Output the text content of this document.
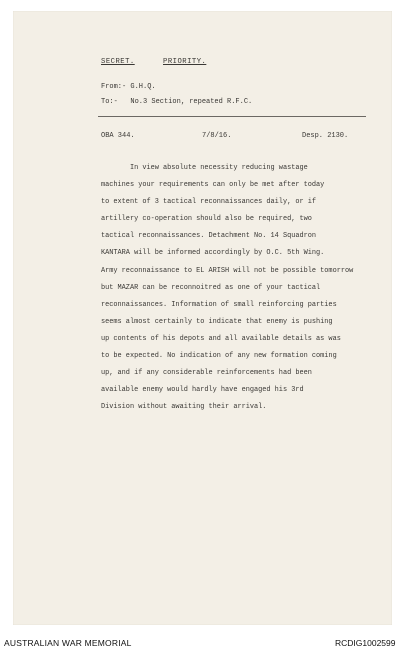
SECRET.	PRIORITY.
From:- G.H.Q.
To:-   No.3 Section, repeated R.F.C.
OBA 344.	7/8/16.	Desp. 2130.
In view absolute necessity reducing wastage
machines your requirements can only be met after today
to extent of 3 tactical reconnaissances daily, or if
artillery co-operation should also be required, two
tactical reconnaissances. Detachment No. 14 Squadron
KANTARA will be informed accordingly by O.C. 5th Wing.
Army reconnaissance to EL ARISH will not be possible tomorrow
but MAZAR can be reconnoitred as one of your tactical
reconnaissances. Information of small reinforcing parties
seems almost certainly to indicate that enemy is pushing
up contents of his depots and all available details as was
to be expected. No indication of any new formation coming
up, and if any considerable reinforcements had been
available enemy would hardly have engaged his 3rd
Division without awaiting their arrival.
AUSTRALIAN WAR MEMORIAL	RCDIG1002599
